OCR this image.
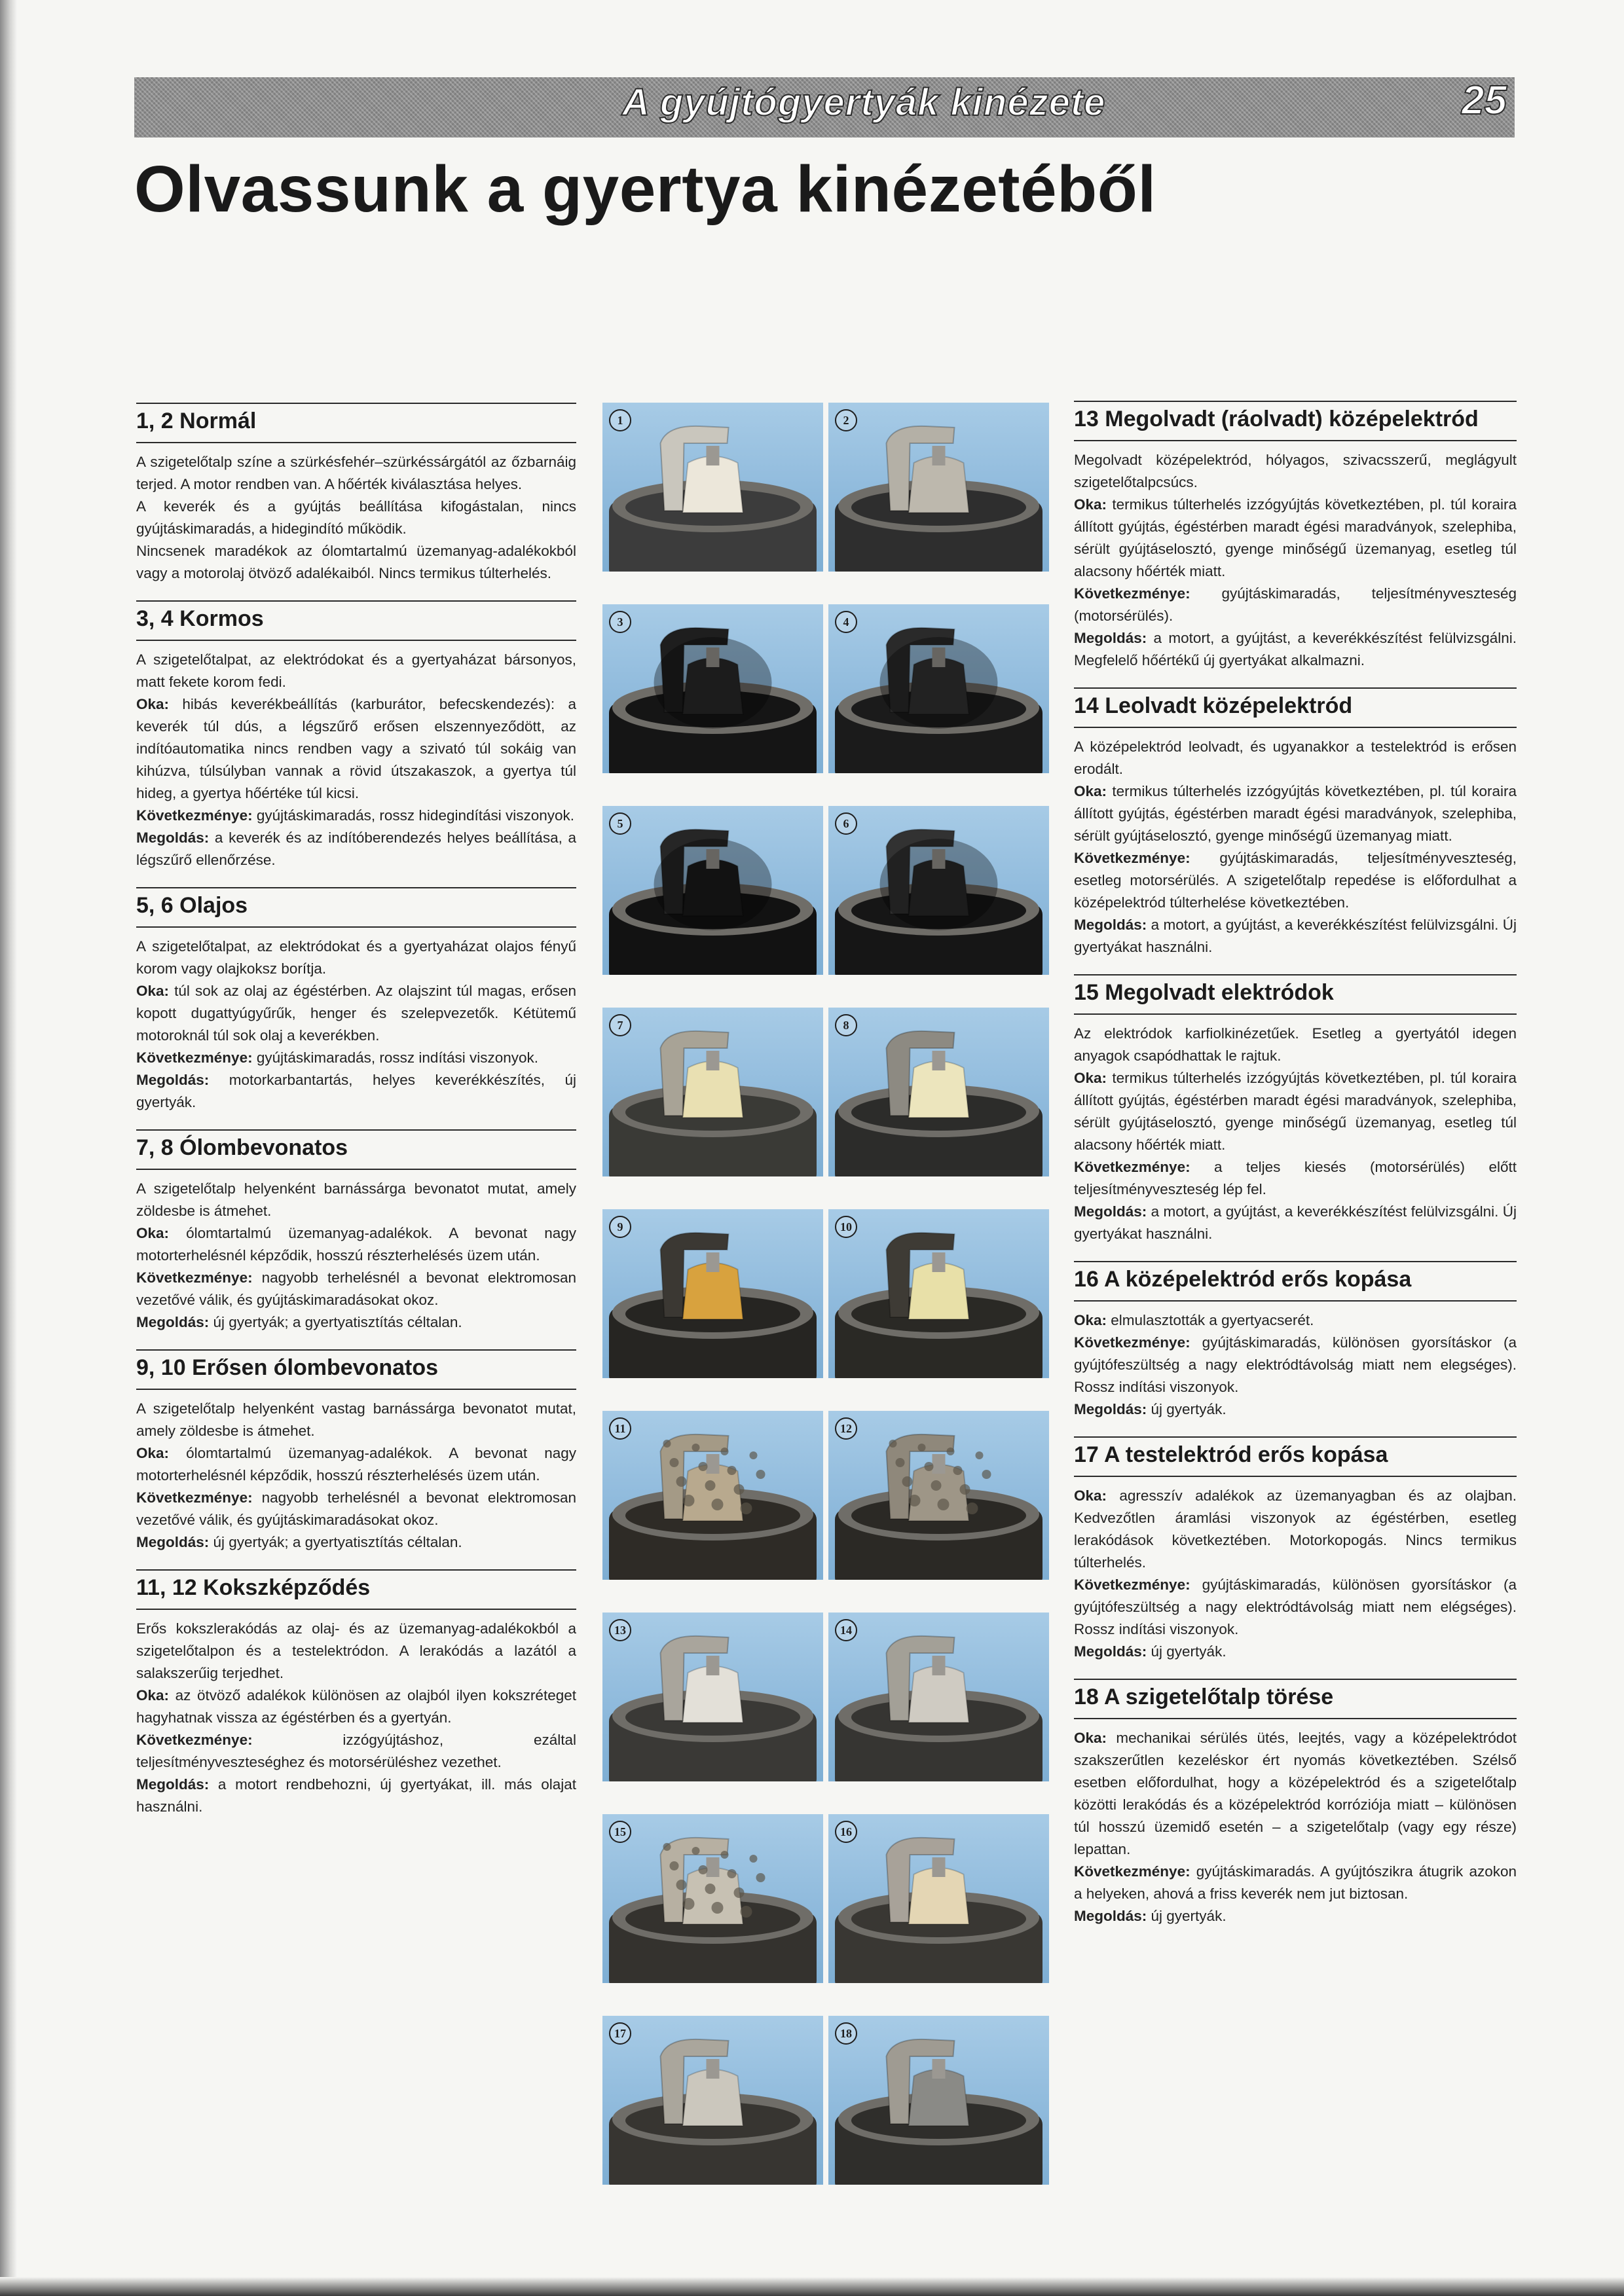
A gyújtógyertyák kinézete	25
Olvassunk a gyertya kinézetéből
1, 2 Normál

A szigetelőtalp színe a szürkésfehér–szürkéssárgától az őzbarnáig terjed. A motor rendben van. A hőérték kiválasztása helyes.

A keverék és a gyújtás beállítása kifogástalan, nincs gyújtáskimaradás, a hidegindító működik.

Nincsenek maradékok az ólomtartalmú üzemanyag-adalékokból vagy a motorolaj ötvöző adalékaiból. Nincs termikus túlterhelés.

3, 4 Kormos

A szigetelőtalpat, az elektródokat és a gyertyaházat bársonyos, matt fekete korom fedi.

Oka: hibás keverékbeállítás (karburátor, befecskendezés): a keverék túl dús, a légszűrő erősen elszennyeződött, az indítóautomatika nincs rendben vagy a szivató túl sokáig van kihúzva, túlsúlyban vannak a rövid útszakaszok, a gyertya túl hideg, a gyertya hőértéke túl kicsi.

Következménye: gyújtáskimaradás, rossz hidegindítási viszonyok.

Megoldás: a keverék és az indítóberendezés helyes beállítása, a légszűrő ellenőrzése.

5, 6 Olajos

A szigetelőtalpat, az elektródokat és a gyertyaházat olajos fényű korom vagy olajkoksz borítja.

Oka: túl sok az olaj az égéstérben. Az olajszint túl magas, erősen kopott dugattyúgyűrűk, henger és szelepvezetők. Kétütemű motoroknál túl sok olaj a keverékben.

Következménye: gyújtáskimaradás, rossz indítási viszonyok.

Megoldás: motorkarbantartás, helyes keverékkészítés, új gyertyák.

7, 8 Ólombevonatos

A szigetelőtalp helyenként barnássárga bevonatot mutat, amely zöldesbe is átmehet.

Oka: ólomtartalmú üzemanyag-adalékok. A bevonat nagy motorterhelésnél képződik, hosszú részterhelésés üzem után.

Következménye: nagyobb terhelésnél a bevonat elektromosan vezetővé válik, és gyújtáskimaradásokat okoz.

Megoldás: új gyertyák; a gyertyatisztítás céltalan.

9, 10 Erősen ólombevonatos

A szigetelőtalp helyenként vastag barnássárga bevonatot mutat, amely zöldesbe is átmehet.

Oka: ólomtartalmú üzemanyag-adalékok. A bevonat nagy motorterhelésnél képződik, hosszú részterhelésés üzem után.

Következménye: nagyobb terhelésnél a bevonat elektromosan vezetővé válik, és gyújtáskimaradásokat okoz.

Megoldás: új gyertyák; a gyertyatisztítás céltalan.

11, 12 Kokszképződés

Erős kokszlerakódás az olaj- és az üzemanyag-adalékokból a szigetelőtalpon és a testelektródon. A lerakódás a lazától a salakszerűig terjedhet.

Oka: az ötvöző adalékok különösen az olajból ilyen kokszréteget hagyhatnak vissza az égéstérben és a gyertyán.

Következménye: izzógyújtáshoz, ezáltal teljesítményveszteséghez és motorsérüléshez vezethet.

Megoldás: a motort rendbehozni, új gyertyákat, ill. más olajat használni.

1	2
3	4
5	6
7	8
9	10
11	12
13	14
15	16
17	18
13 Megolvadt (ráolvadt) középelektród

Megolvadt középelektród, hólyagos, szivacsszerű, meglágyult szigetelőtalpcsúcs.

Oka: termikus túlterhelés izzógyújtás következtében, pl. túl koraira állított gyújtás, égéstérben maradt égési maradványok, szelephiba, sérült gyújtáselosztó, gyenge minőségű üzemanyag, esetleg túl alacsony hőérték miatt.

Következménye: gyújtáskimaradás, teljesítményveszteség (motorsérülés).

Megoldás: a motort, a gyújtást, a keverékkészítést felülvizsgálni. Megfelelő hőértékű új gyertyákat alkalmazni.

14 Leolvadt középelektród

A középelektród leolvadt, és ugyanakkor a testelektród is erősen erodált.

Oka: termikus túlterhelés izzógyújtás következtében, pl. túl koraira állított gyújtás, égéstérben maradt égési maradványok, szelephiba, sérült gyújtáselosztó, gyenge minőségű üzemanyag miatt.

Következménye: gyújtáskimaradás, teljesítményveszteség, esetleg motorsérülés. A szigetelőtalp repedése is előfordulhat a középelektród túlterhelése következtében.

Megoldás: a motort, a gyújtást, a keverékkészítést felülvizsgálni. Új gyertyákat használni.

15 Megolvadt elektródok

Az elektródok karfiolkinézetűek. Esetleg a gyertyától idegen anyagok csapódhattak le rajtuk.

Oka: termikus túlterhelés izzógyújtás következtében, pl. túl koraira állított gyújtás, égéstérben maradt égési maradványok, szelephiba, sérült gyújtáselosztó, gyenge minőségű üzemanyag, esetleg túl alacsony hőérték miatt.

Következménye: a teljes kiesés (motorsérülés) előtt teljesítményveszteség lép fel.

Megoldás: a motort, a gyújtást, a keverékkészítést felülvizsgálni. Új gyertyákat használni.

16 A középelektród erős kopása

Oka: elmulasztották a gyertyacserét.

Következménye: gyújtáskimaradás, különösen gyorsításkor (a gyújtófeszültség a nagy elektródtávolság miatt nem elegséges). Rossz indítási viszonyok.

Megoldás: új gyertyák.

17 A testelektród erős kopása

Oka: agresszív adalékok az üzemanyagban és az olajban. Kedvezőtlen áramlási viszonyok az égéstérben, esetleg lerakódások következtében. Motorkopogás. Nincs termikus túlterhelés.

Következménye: gyújtáskimaradás, különösen gyorsításkor (a gyújtófeszültség a nagy elektródtávolság miatt nem elégséges). Rossz indítási viszonyok.

Megoldás: új gyertyák.

18 A szigetelőtalp törése

Oka: mechanikai sérülés ütés, leejtés, vagy a középelektródot szakszerűtlen kezeléskor ért nyomás következtében. Szélső esetben előfordulhat, hogy a középelektród és a szigetelőtalp közötti lerakódás és a középelektród korróziója miatt – különösen túl hosszú üzemidő esetén – a szigetelőtalp (vagy egy része) lepattan.

Következménye: gyújtáskimaradás. A gyújtószikra átugrik azokon a helyeken, ahová a friss keverék nem jut biztosan.

Megoldás: új gyertyák.
